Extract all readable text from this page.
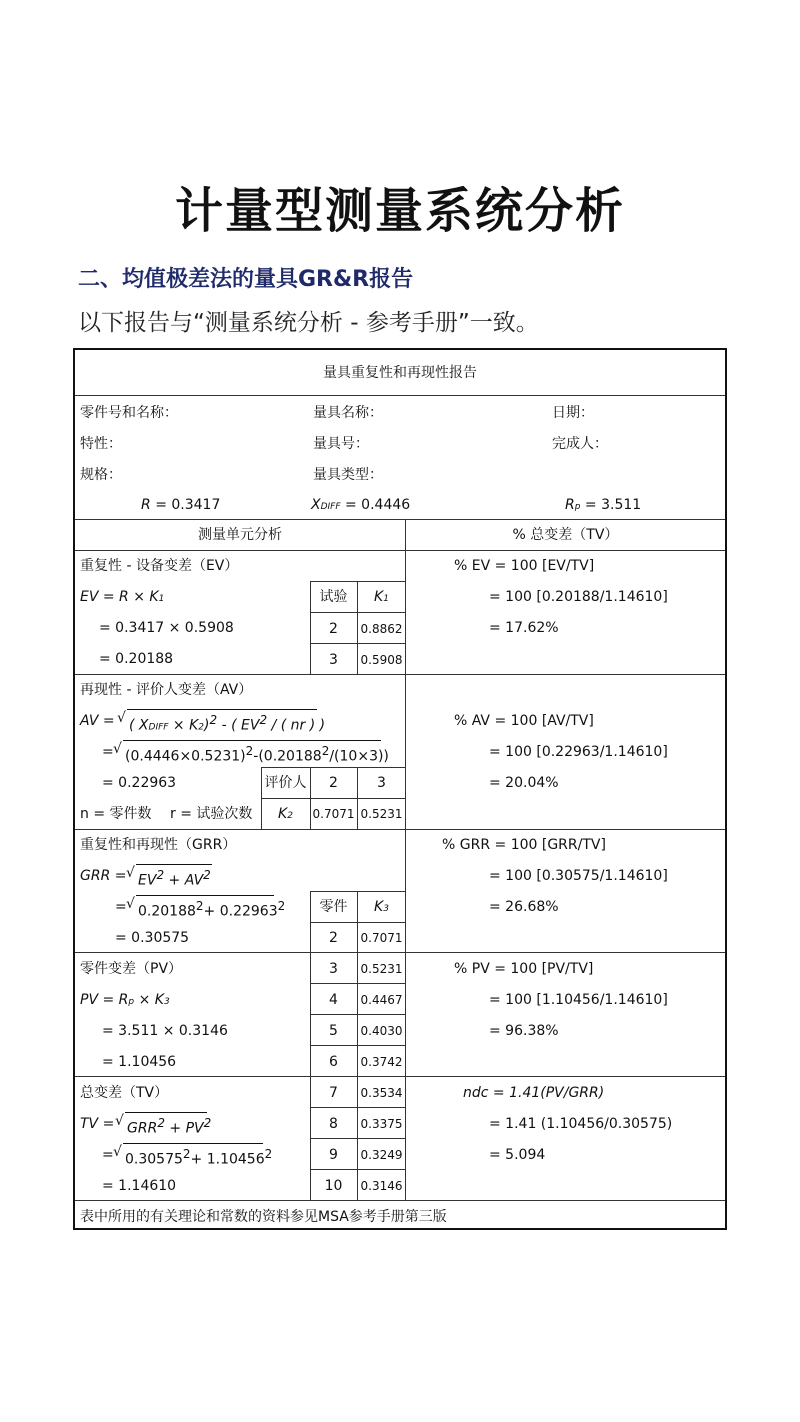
计量型测量系统分析
二、均值极差法的量具GR&R报告
以下报告与“测量系统分析 - 参考手册”一致。
量具重复性和再现性报告
零件号和名称：	量具名称：	日期：
特性：	量具号：	完成人：
规格：	量具类型：
R = 0.3417	XDIFF = 0.4446	Rp = 3.511
测量单元分析	% 总变差（TV）
重复性 - 设备变差（EV）
EV = R × K1
= 0.3417 × 0.5908
= 0.20188
试验	K1
2	0.8862
3	0.5908
% EV = 100 [EV/TV]
= 100 [0.20188/1.14610]
= 17.62%
再现性 - 评价人变差（AV）
AV = √ ( XDIFF × K2)$^2$ - ( $EV^2$ / ( nr ) )
= √ $(0.4446\times 0.5231)^2-(0.20188^2/(10\times 3))$
= 0.22963
n = 零件数 r = 试验次数
评价人	2	3
K2	0.7071 0.5231
% AV = 100 [AV/TV]
= 100 [0.22963/1.14610]
= 20.04%
重复性和再现性（GRR）
GRR = √ $EV^2 + AV^2$
= √ $0.20188^2+ 0.22963^2$
= 0.30575
零件	K3
% GRR = 100 [GRR/TV]
= 100 [0.30575/1.14610]
= 26.68%
2	0.7071
3	0.5231
4	0.4467
5	0.4030
6	0.3742
7	0.3534
8	0.3375
9	0.3249
10	0.3146
零件变差（PV）
PV = Rp × K3
= 3.511 × 0.3146
= 1.10456
% PV = 100 [PV/TV]
= 100 [1.10456/1.14610]
= 96.38%
总变差（TV）
TV = √ $GRR^2 + PV^2$
= √ $0.30575^2+ 1.10456^2$
= 1.14610
ndc = 1.41(PV/GRR)
= 1.41 (1.10456/0.30575)
= 5.094
表中所用的有关理论和常数的资料参见MSA参考手册第三版
